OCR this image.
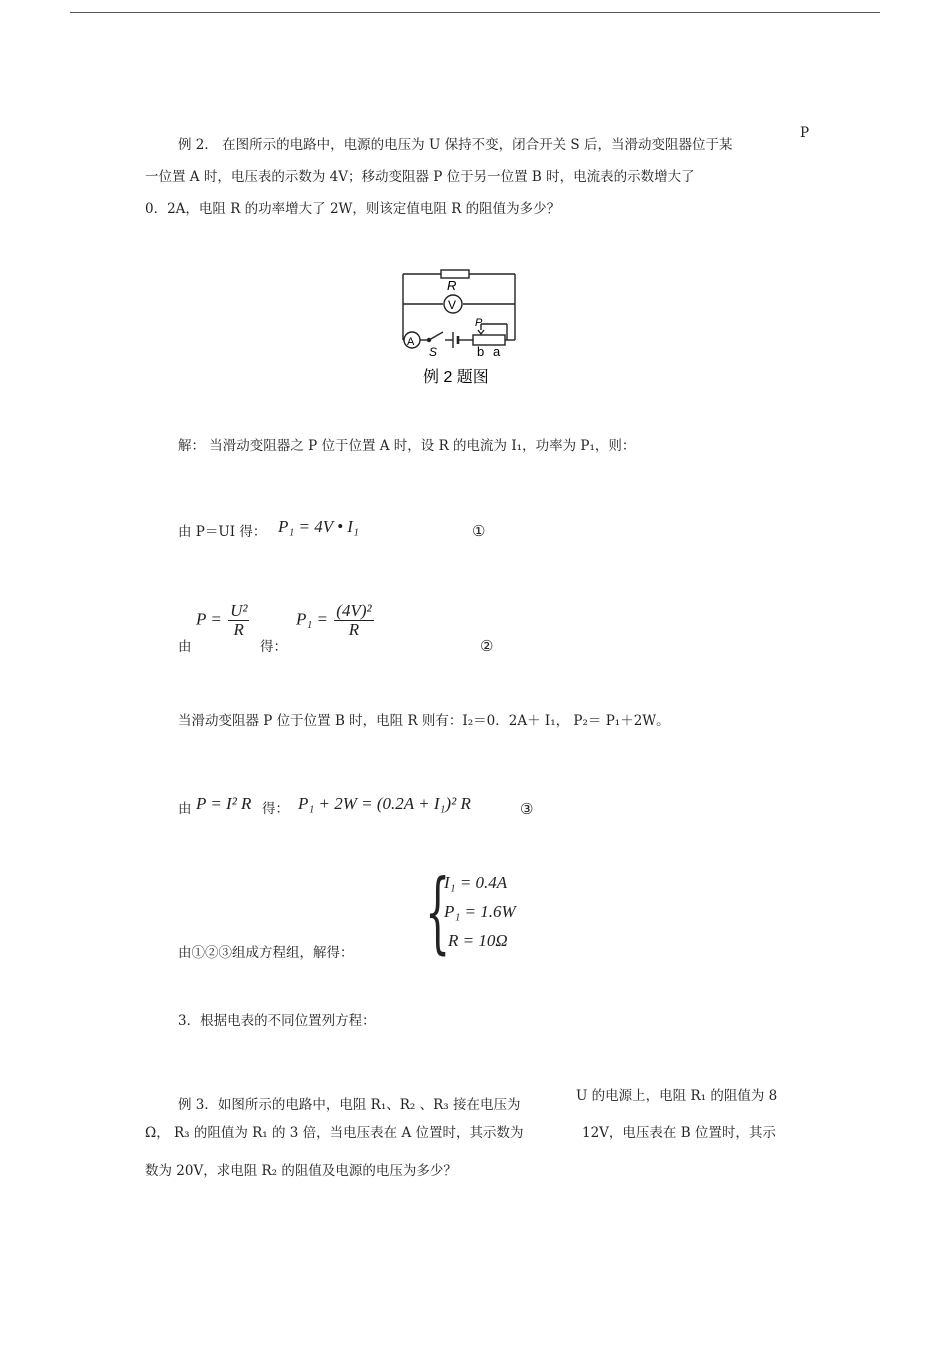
P
例 2． 在图所示的电路中，电源的电压为 U 保持不变，闭合开关 S 后，当滑动变阻器位于某
一位置 A 时，电压表的示数为 4V；移动变阻器 P 位于另一位置 B 时，电流表的示数增大了
0．2A，电阻 R 的功率增大了 2W，则该定值电阻 R 的阻值为多少？
R
V
A
S
P
b a
例 2 题图
解： 当滑动变阻器之 P 位于位置 A 时，设 R 的电流为 I₁，功率为 P₁，则：
由 P＝UI 得： P₁ = 4V • I₁	①
由
$P = \frac{\text{U²}}{R}$
得：
$P_1 = \frac{\text{(4V)²}}{R}$
②
当滑动变阻器 P 位于位置 B 时，电阻 R 则有：I₂＝0．2A＋ I₁， P₂＝ P₁＋2W。
由 P = I² R 得： P₁ + 2W = (0.2A + I₁)² R	③
由①②③组成方程组，解得： {
I₁ = 0.4A
P₁ = 1.6W
R = 10Ω
3．根据电表的不同位置列方程：
U 的电源上，电阻 R₁ 的阻值为 8
例 3．如图所示的电路中，电阻 R₁、R₂ 、R₃ 接在电压为
Ω， R₃ 的阻值为 R₁ 的 3 倍，当电压表在 A 位置时，其示数为	12V，电压表在 B 位置时，其示
数为 20V，求电阻 R₂ 的阻值及电源的电压为多少？
